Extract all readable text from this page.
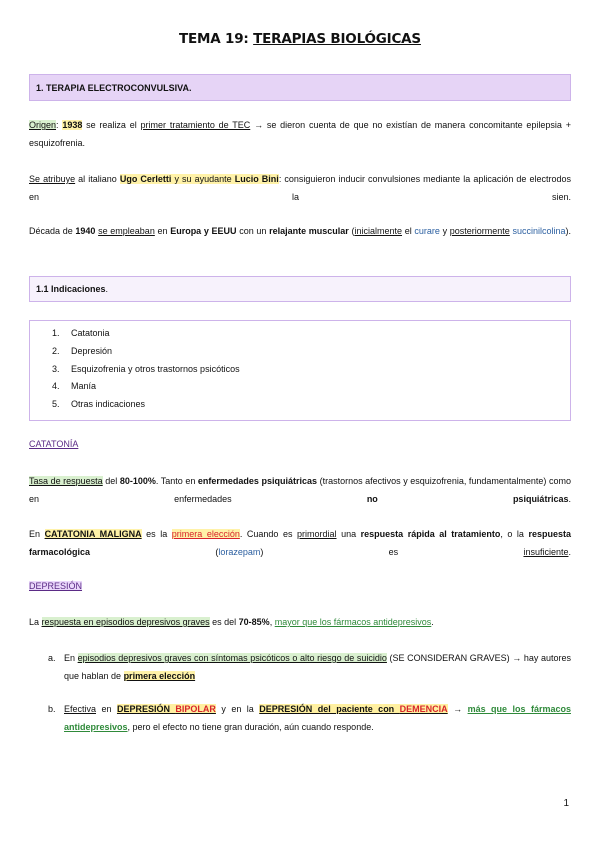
TEMA 19: TERAPIAS BIOLÓGICAS
1. TERAPIA ELECTROCONVULSIVA.
Origen: 1938 se realiza el primer tratamiento de TEC → se dieron cuenta de que no existían de manera concomitante epilepsia + esquizofrenia.
Se atribuye al italiano Ugo Cerletti y su ayudante Lucio Bini: consiguieron inducir convulsiones mediante la aplicación de electrodos en la sien.
Década de 1940 se empleaban en Europa y EEUU con un relajante muscular (inicialmente el curare y posteriormente succinilcolina).
1.1 Indicaciones .
1. Catatonia
2. Depresión
3. Esquizofrenia y otros trastornos psicóticos
4. Manía
5. Otras indicaciones
CATATONÍA
Tasa de respuesta del 80-100%. Tanto en enfermedades psiquiátricas (trastornos afectivos y esquizofrenia, fundamentalmente) como en enfermedades no psiquiátricas.
En CATATONIA MALIGNA es la primera elección. Cuando es primordial una respuesta rápida al tratamiento, o la respuesta farmacológica (lorazepam) es insuficiente.
DEPRESIÓN
La respuesta en episodios depresivos graves es del 70-85%, mayor que los fármacos antidepresivos.
a. En episodios depresivos graves con síntomas psicóticos o alto riesgo de suicidio (SE CONSIDERAN GRAVES) → hay autores que hablan de primera elección
b. Efectiva en DEPRESIÓN BIPOLAR y en la DEPRESIÓN del paciente con DEMENCIA → más que los fármacos antidepresivos, pero el efecto no tiene gran duración, aún cuando responde.
1
